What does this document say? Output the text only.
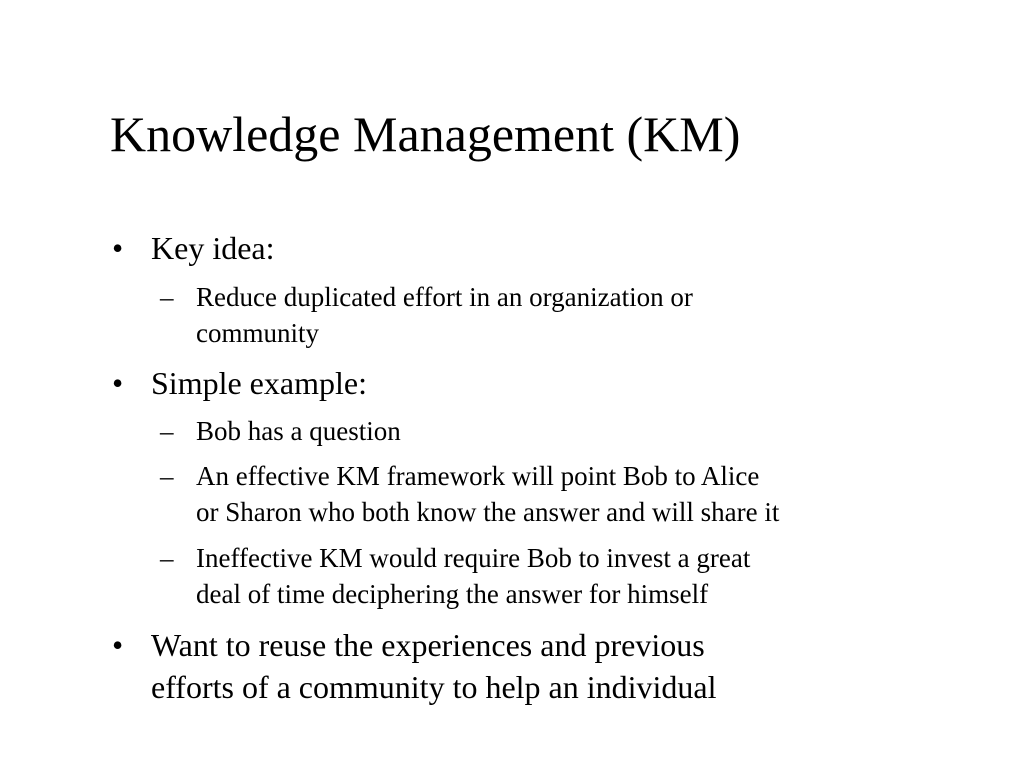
Knowledge Management (KM)
• Key idea:
– Reduce duplicated effort in an organization or
community
• Simple example:
– Bob has a question
– An effective KM framework will point Bob to Alice
or Sharon who both know the answer and will share it
– Ineffective KM would require Bob to invest a great
deal of time deciphering the answer for himself
• Want to reuse the experiences and previous
efforts of a community to help an individual
